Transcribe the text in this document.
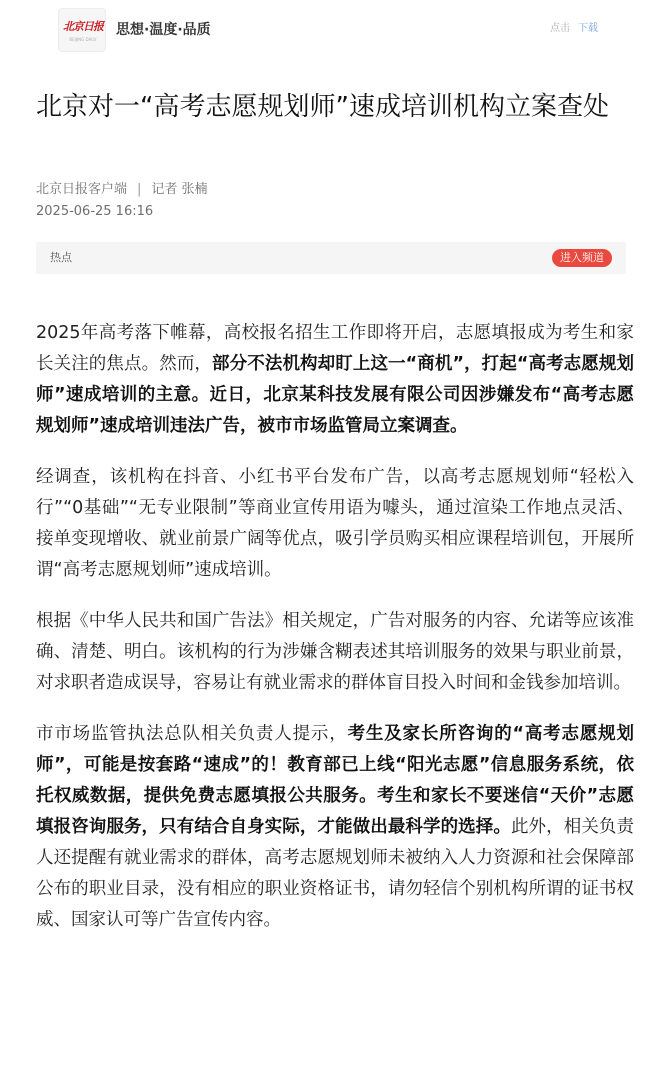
北京日报
BEIJING DAILY
思想·温度·品质	点击 下载
北京对一“高考志愿规划师”速成培训机构立案查处
北京日报客户端 | 记者 张楠
2025-06-25 16:16
热点	进入频道

2025年高考落下帷幕，高校报名招生工作即将开启，志愿填报成为考生和家长关注的焦点。然而，部分不法机构却盯上这一“商机”，打起“高考志愿规划师”速成培训的主意。近日，北京某科技发展有限公司因涉嫌发布“高考志愿规划师”速成培训违法广告，被市市场监管局立案调查。

经调查，该机构在抖音、小红书平台发布广告，以高考志愿规划师“轻松入行”“0基础”“无专业限制”等商业宣传用语为噱头，通过渲染工作地点灵活、接单变现增收、就业前景广阔等优点，吸引学员购买相应课程培训包，开展所谓“高考志愿规划师”速成培训。

根据《中华人民共和国广告法》相关规定，广告对服务的内容、允诺等应该准确、清楚、明白。该机构的行为涉嫌含糊表述其培训服务的效果与职业前景，对求职者造成误导，容易让有就业需求的群体盲目投入时间和金钱参加培训。

市市场监管执法总队相关负责人提示，考生及家长所咨询的“高考志愿规划师”，可能是按套路“速成”的！教育部已上线“阳光志愿”信息服务系统，依托权威数据，提供免费志愿填报公共服务。考生和家长不要迷信“天价”志愿填报咨询服务，只有结合自身实际，才能做出最科学的选择。此外，相关负责人还提醒有就业需求的群体，高考志愿规划师未被纳入人力资源和社会保障部公布的职业目录，没有相应的职业资格证书，请勿轻信个别机构所谓的证书权威、国家认可等广告宣传内容。
